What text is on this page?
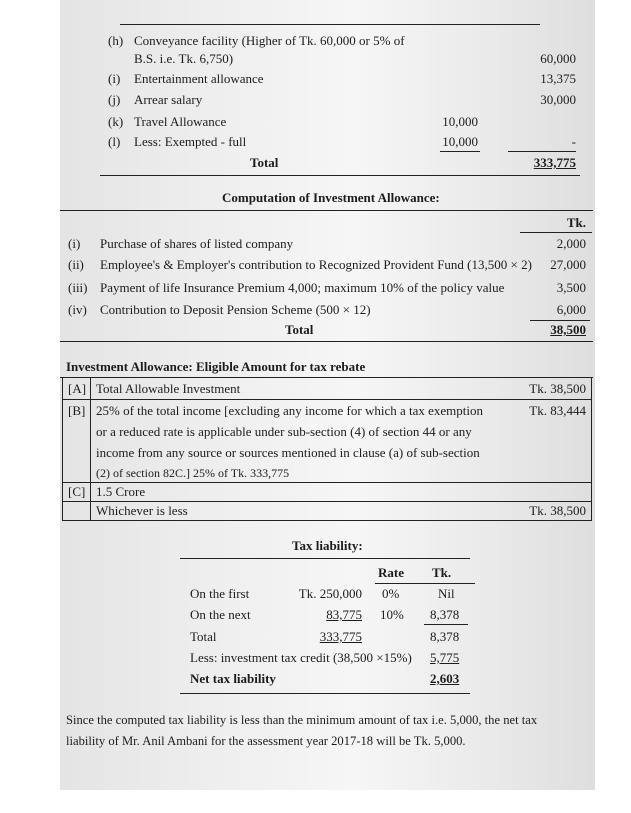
(h) Conveyance facility (Higher of Tk. 60,000 or 5% of
B.S. i.e. Tk. 6,750)	60,000
(i) Entertainment allowance	13,375
(j) Arrear salary	30,000
(k) Travel Allowance	10,000
(l) Less: Exempted - full	10,000	-
Total	333,775
Computation of Investment Allowance:
Tk.
(i) Purchase of shares of listed company	2,000
(ii) Employee's & Employer's contribution to Recognized Provident Fund (13,500 × 2)	27,000
(iii) Payment of life Insurance Premium 4,000; maximum 10% of the policy value	3,500
(iv) Contribution to Deposit Pension Scheme (500 × 12)	6,000
Total	38,500
Investment Allowance: Eligible Amount for tax rebate
[A] Total Allowable Investment	Tk. 38,500
[B] 25% of the total income [excluding any income for which a tax exemption	Tk. 83,444
or a reduced rate is applicable under sub-section (4) of section 44 or any
income from any source or sources mentioned in clause (a) of sub-section
(2) of section 82C.] 25% of Tk. 333,775
[C] 1.5 Crore
Whichever is less	Tk. 38,500
Tax liability:
Rate Tk.
On the first	Tk. 250,000 0%	Nil
On the next	83,775 10% 8,378
Total	333,775	8,378
Less: investment tax credit (38,500 ×15%) 5,775
Net tax liability	2,603
Since the computed tax liability is less than the minimum amount of tax i.e. 5,000, the net tax
liability of Mr. Anil Ambani for the assessment year 2017-18 will be Tk. 5,000.
